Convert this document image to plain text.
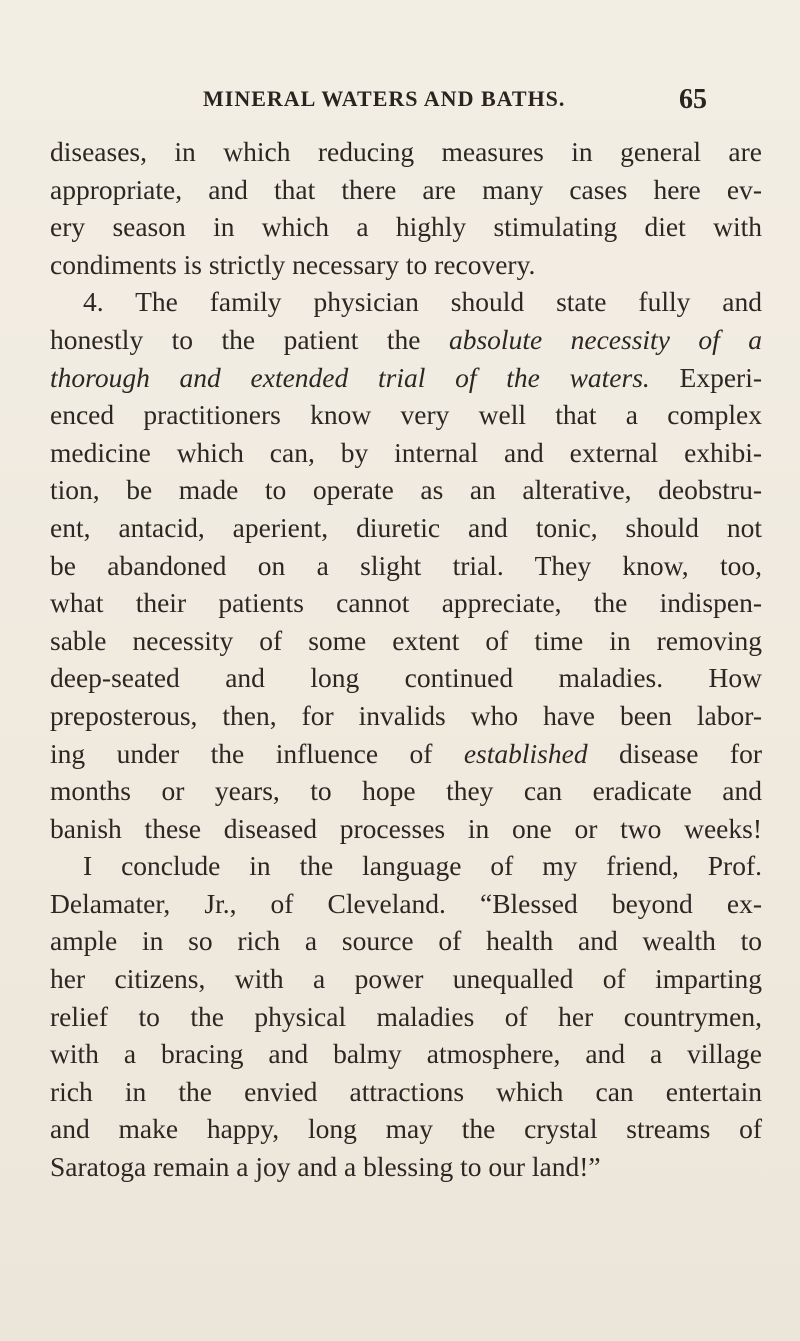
MINERAL WATERS AND BATHS.	65
diseases, in which reducing measures in general are
appropriate, and that there are many cases here ev-
ery season in which a highly stimulating diet with
condiments is strictly necessary to recovery.
4. The family physician should state fully and
honestly to the patient the absolute necessity of a
thorough and extended trial of the waters. Experi-
enced practitioners know very well that a complex
medicine which can, by internal and external exhibi-
tion, be made to operate as an alterative, deobstru-
ent, antacid, aperient, diuretic and tonic, should not
be abandoned on a slight trial. They know, too,
what their patients cannot appreciate, the indispen-
sable necessity of some extent of time in removing
deep-seated and long continued maladies. How
preposterous, then, for invalids who have been labor-
ing under the influence of established disease for
months or years, to hope they can eradicate and
banish these diseased processes in one or two weeks!
I conclude in the language of my friend, Prof.
Delamater, Jr., of Cleveland. “Blessed beyond ex-
ample in so rich a source of health and wealth to
her citizens, with a power unequalled of imparting
relief to the physical maladies of her countrymen,
with a bracing and balmy atmosphere, and a village
rich in the envied attractions which can entertain
and make happy, long may the crystal streams of
Saratoga remain a joy and a blessing to our land!”
